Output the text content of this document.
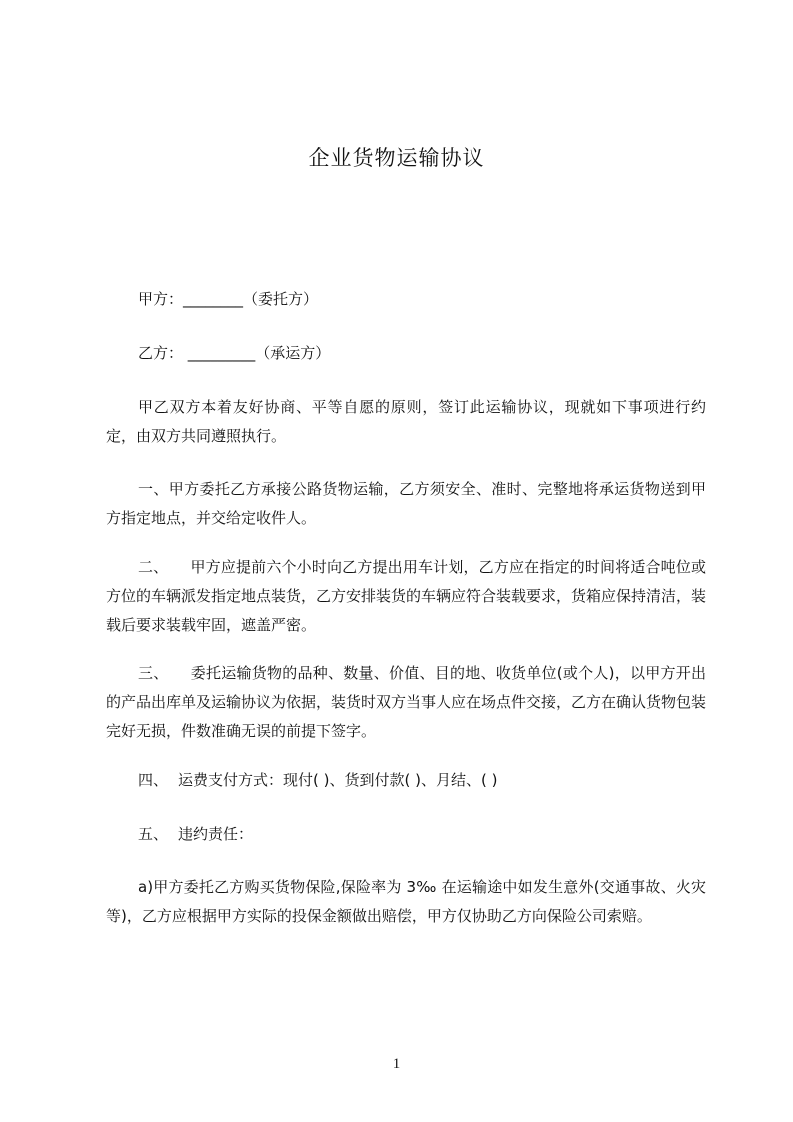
企业货物运输协议
甲方：________（委托方）
乙方： _________（承运方）
甲乙双方本着友好协商、平等自愿的原则，签订此运输协议，现就如下事项进行约定，由双方共同遵照执行。
一、甲方委托乙方承接公路货物运输，乙方须安全、准时、完整地将承运货物送到甲方指定地点，并交给定收件人。
二、 甲方应提前六个小时向乙方提出用车计划，乙方应在指定的时间将适合吨位或方位的车辆派发指定地点装货，乙方安排装货的车辆应符合装载要求，货箱应保持清洁，装载后要求装载牢固，遮盖严密。
三、 委托运输货物的品种、数量、价值、目的地、收货单位(或个人)，以甲方开出的产品出库单及运输协议为依据，装货时双方当事人应在场点件交接，乙方在确认货物包装完好无损，件数准确无误的前提下签字。
四、 运费支付方式：现付( )、货到付款( )、月结、( )
五、 违约责任：
a)甲方委托乙方购买货物保险,保险率为 3‰ 在运输途中如发生意外(交通事故、火灾等)，乙方应根据甲方实际的投保金额做出赔偿，甲方仅协助乙方向保险公司索赔。
1
